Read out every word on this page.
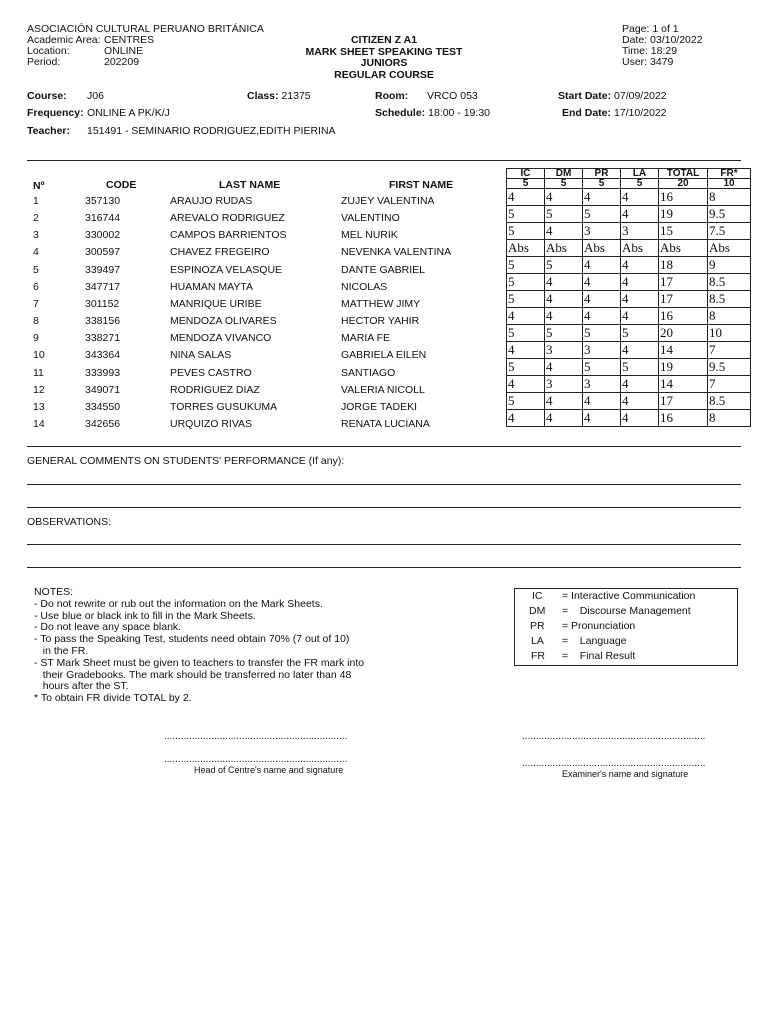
ASOCIACIÓN CULTURAL PERUANO BRITÁNICA
Academic Area: CENTRES
Location:	ONLINE
Period:	202209
CITIZEN Z A1
MARK SHEET SPEAKING TEST
JUNIORS
REGULAR COURSE
Page: 1 of 1
Date: 03/10/2022
Time: 18:29
User: 3479
Course: J06	Class: 21375	Room: VRCO 053	Start Date: 07/09/2022
Frequency: ONLINE A PK/K/J	Schedule: 18:00 - 19:30	End Date: 17/10/2022
Teacher: 151491 - SEMINARIO RODRIGUEZ,EDITH PIERINA
Nº	CODE	LAST NAME	FIRST NAME
1	357130	ARAUJO RUDAS	ZUJEY VALENTINA
2	316744	AREVALO RODRIGUEZ	VALENTINO
3	330002	CAMPOS BARRIENTOS	MEL NURIK
4	300597	CHAVEZ FREGEIRO	NEVENKA VALENTINA
5	339497	ESPINOZA VELASQUE	DANTE GABRIEL
6	347717	HUAMAN MAYTA	NICOLAS
7	301152	MANRIQUE URIBE	MATTHEW JIMY
8	338156	MENDOZA OLIVARES	HECTOR YAHIR
9	338271	MENDOZA VIVANCO	MARIA FE
10	343364	NINA SALAS	GABRIELA EILEN
11	333993	PEVES CASTRO	SANTIAGO
12	349071	RODRIGUEZ DIAZ	VALERIA NICOLL
13	334550	TORRES GUSUKUMA	JORGE TADEKI
14	342656	URQUIZO RIVAS	RENATA LUCIANA
IC	DM	PR	LA	TOTAL	FR*
5	5	5	5	20	10
4	4	4	4	16	8
5	5	5	4	19	9.5
5	4	3	3	15	7.5
Abs	Abs	Abs	Abs	Abs	Abs
5	5	4	4	18	9
5	4	4	4	17	8.5
5	4	4	4	17	8.5
4	4	4	4	16	8
5	5	5	5	20	10
4	3	3	4	14	7
5	4	5	5	19	9.5
4	3	3	4	14	7
5	4	4	4	17	8.5
4	4	4	4	16	8
GENERAL COMMENTS ON STUDENTS' PERFORMANCE (If any):
OBSERVATIONS:
NOTES:
- Do not rewrite or rub out the information on the Mark Sheets.
- Use blue or black ink to fill in the Mark Sheets.
- Do not leave any space blank.
- To pass the Speaking Test, students need obtain 70% (7 out of 10)
in the FR.
- ST Mark Sheet must be given to teachers to transfer the FR mark into
their Gradebooks. The mark should be transferred no later than 48
hours after the ST.
* To obtain FR divide TOTAL by 2.
IC = Interactive Communication
DM =    Discourse Management
PR = Pronunciation
LA =    Language
FR =    Final Result
..................................................................
..................................................................
Head of Centre's name and signature
..................................................................
..................................................................
Examiner's name and signature
